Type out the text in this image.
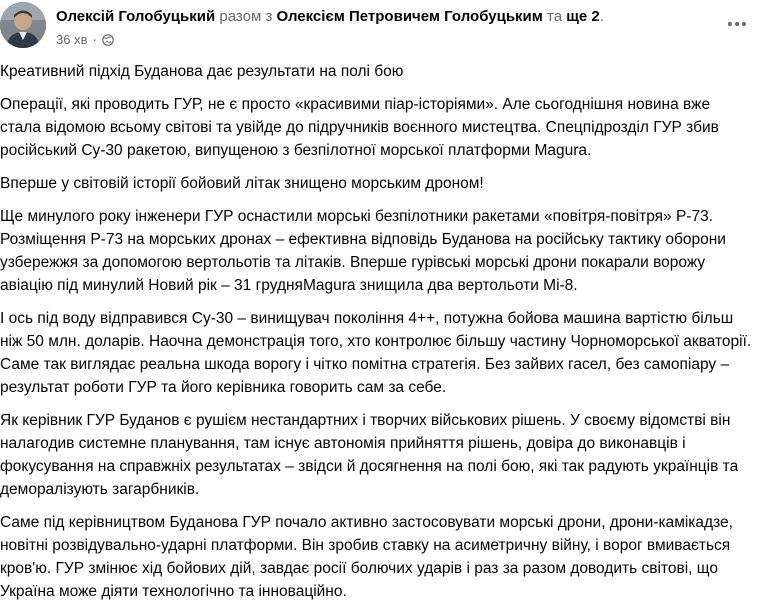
Олексій Голобуцький разом з Олексієм Петровичем Голобуцьким та ще 2.
36 хв ·

Креативний підхід Буданова дає результати на полі бою

Операції, які проводить ГУР, не є просто «красивими піар-історіями». Але сьогоднішня новина вже стала відомою всьому світові та увійде до підручників воєнного мистецтва. Спецпідрозділ ГУР збив російський Су-30 ракетою, випущеною з безпілотної морської платформи Magura.

Вперше у світовій історії бойовий літак знищено морським дроном!

Ще минулого року інженери ГУР оснастили морські безпілотники ракетами «повітря-повітря» Р-73. Розміщення Р-73 на морських дронах – ефективна відповідь Буданова на російську тактику оборони узбережжя за допомогою вертольотів та літаків. Вперше гурівські морські дрони покарали ворожу авіацію під минулий Новий рік – 31 грудняMagura знищила два вертольоти Мі-8.

І ось під воду відправився Су-30 – винищувач покоління 4++, потужна бойова машина вартістю більш ніж 50 млн. доларів. Наочна демонстрація того, хто контролює більшу частину Чорноморської акваторії. Саме так виглядає реальна шкода ворогу і чітко помітна стратегія. Без зайвих гасел, без самопіару – результат роботи ГУР та його керівника говорить сам за себе.

Як керівник ГУР Буданов є рушієм нестандартних і творчих військових рішень. У своєму відомстві він налагодив системне планування, там існує автономія прийняття рішень, довіра до виконавців і фокусування на справжніх результатах – звідси й досягнення на полі бою, які так радують українців та деморалізують загарбників.

Саме під керівництвом Буданова ГУР почало активно застосовувати морські дрони, дрони-камікадзе, новітні розвідувально-ударні платформи. Він зробив ставку на асиметричну війну, і ворог вмивається кров'ю. ГУР змінює хід бойових дій, завдає росії болючих ударів і раз за разом доводить світові, що Україна може діяти технологічно та інноваційно.
